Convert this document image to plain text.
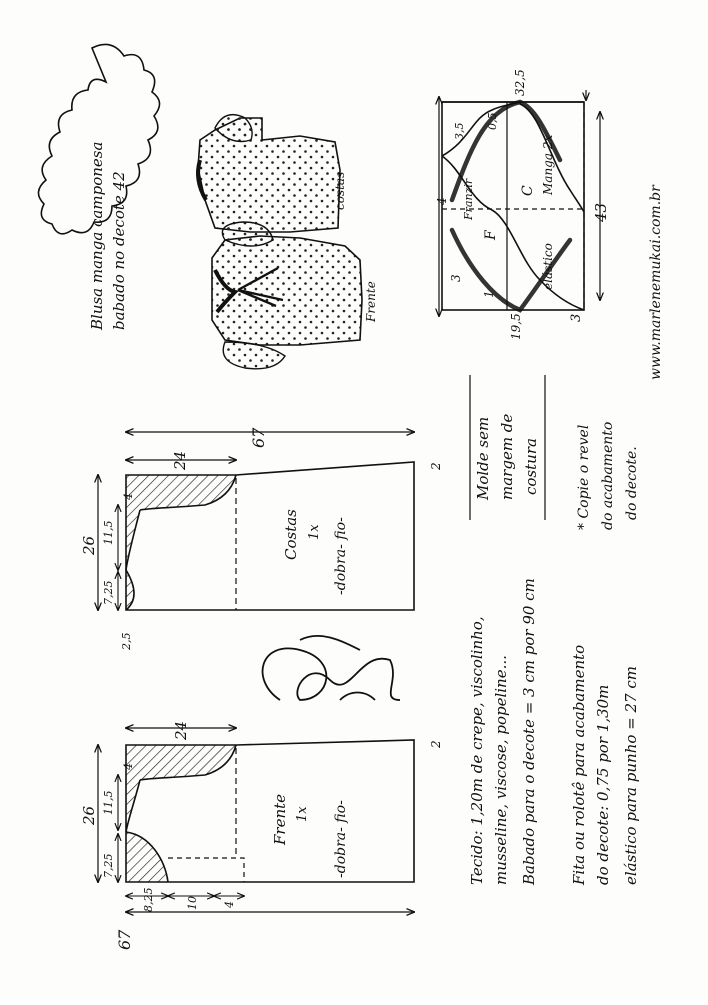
Blusa manga camponesa babado no decote 42	costas
Frente
32,5
43
3
19,5
3,5
0,5
4
3
1
F
C
Franzir
Manga 2x
elástico	www.marlenemukai.com.br
67
24
26
4
11,5
7,25
2
2,5
Costas 1x -dobra- fio-
24
26
4
11,5
7,25
2
67
8,25	10 4
Frente 1x -dobra- fio-
Molde sem margem de costura	* Copie o revel do acabamento do decote.
Tecido: 1,20m de crepe, viscolinho, musseline, viscose, popeline... Babado para o decote = 3 cm por 90 cm Fita ou rolotê para acabamento do decote: 0,75 por 1,30m elástico para punho = 27 cm
